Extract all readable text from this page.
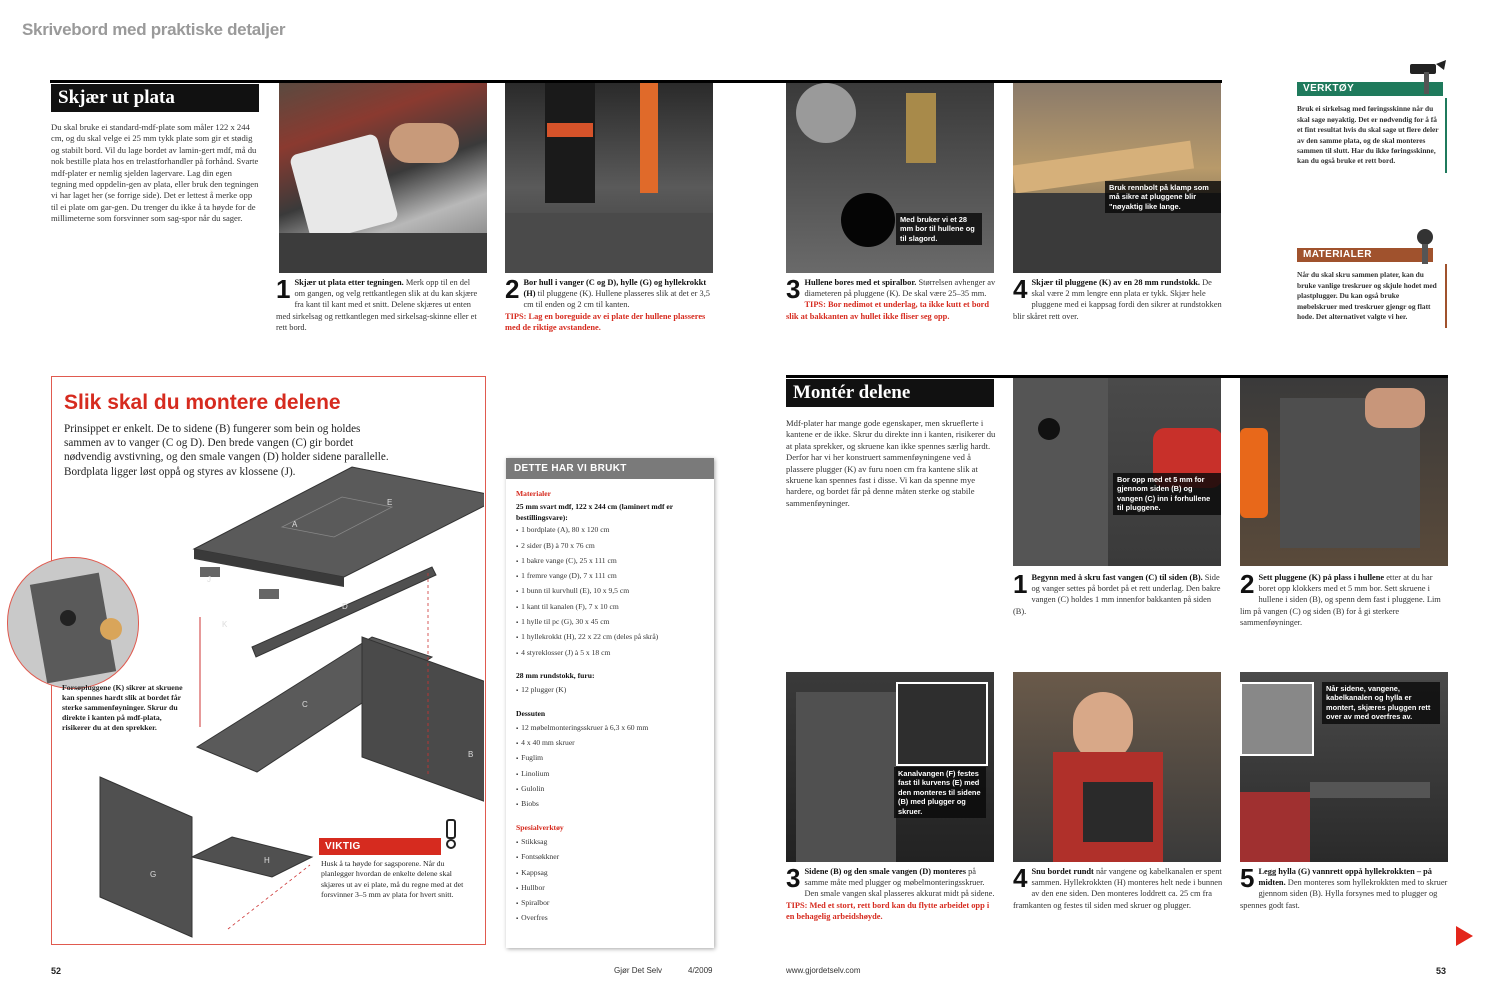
Skrivebord med praktiske detaljer
Skjær ut plata
Du skal bruke ei standard-mdf-plate som måler 122 x 244 cm, og du skal velge ei 25 mm tykk plate som gir et stødig og stabilt bord. Vil du lage bordet av lamin-gert mdf, må du nok bestille plata hos en trelastforhandler på forhånd. Svarte mdf-plater er nemlig sjelden lagervare. Lag din egen tegning med oppdelin-gen av plata, eller bruk den tegningen vi har laget her (se forrige side). Det er lettest å merke opp til ei plate om gar-gen. Du trenger du ikke å ta høyde for de millimeterne som forsvinner som sag-spor når du sager.	Med bruker vi et 28 mm bor til hullene og til slagord.
Bruk rennbolt på klamp som må sikre at pluggene blir "nøyaktig like lange.
1 Skjær ut plata etter tegningen. Merk opp til en del om gangen, og velg rettkantlegen slik at du kan skjære fra kant til kant med et snitt. Delene skjæres ut enten med sirkelsag og rettkantlegen med sirkelsag-skinne eller et rett bord.
2 Bor hull i vanger (C og D), hylle (G) og hyllekrokkt (H) til pluggene (K). Hullene plasseres slik at det er 3,5 cm til enden og 2 cm til kanten.
TIPS: Lag en boreguide av ei plate der hullene plasseres med de riktige avstandene.
3 Hullene bores med et spiralbor. Størrelsen avhenger av diameteren på pluggene (K). De skal være 25–35 mm.
TIPS: Bor nedimot et underlag, ta ikke kutt et bord slik at bakkanten av hullet ikke fliser seg opp.
4 Skjær til pluggene (K) av en 28 mm rundstokk. De skal være 2 mm lengre enn plata er tykk. Skjær hele pluggene med ei kappsag fordi den sikrer at rundstokken blir skåret rett over.
VERKTØY
Bruk ei sirkelsag med føringsskinne når du skal sage nøyaktig. Det er nødvendig for å få et fint resultat hvis du skal sage ut flere deler av den samme plata, og de skal monteres sammen til slutt. Har du ikke føringsskinne, kan du også bruke et rett bord.
MATERIALER
Når du skal skru sammen plater, kan du bruke vanlige treskruer og skjule hodet med plastplugger. Du kan også bruke møbelskruer med treskruer gjengr og flatt hode. Det alternativet valgte vi her.
Montér delene
Mdf-plater har mange gode egenskaper, men skrueflerte i kantene er de ikke. Skrur du direkte inn i kanten, risikerer du at plata sprekker, og skruene kan ikke spennes særlig hardt. Derfor har vi her konstruert sammenføyningene ved å plassere plugger (K) av furu noen cm fra kantene slik at skruene kan spennes fast i disse. Vi kan da spenne mye hardere, og bordet får på denne måten sterke og stabile sammenføyninger.
Bor opp med et 5 mm for gjennom siden (B) og vangen (C) inn i forhullene til pluggene.
1 Begynn med å skru fast vangen (C) til siden (B). Side og vanger settes på bordet på et rett underlag. Den bakre vangen (C) holdes 1 mm innenfor bakkanten på siden (B).
2 Sett pluggene (K) på plass i hullene etter at du har boret opp klokkers med et 5 mm bor. Sett skruene i hullene i siden (B), og spenn dem fast i pluggene. Lim lim på vangen (C) og siden (B) for å gi sterkere sammenføyninger.
Kanalvangen (F) festes fast til kurvens (E) med den monteres til sidene (B) med plugger og skruer.
Når sidene, vangene, kabelkanalen og hylla er montert, skjæres pluggen rett over av med overfres av.
3 Sidene (B) og den smale vangen (D) monteres på samme måte med plugger og møbelmonteringsskruer. Den smale vangen skal plasseres akkurat midt på sidene.
TIPS: Med et stort, rett bord kan du flytte arbeidet opp i en behagelig arbeidshøyde.
4 Snu bordet rundt når vangene og kabelkanalen er spent sammen. Hyllekrokkten (H) monteres helt nede i bunnen av den ene siden. Den monteres loddrett ca. 25 cm fra framkanten og festes til siden med skruer og plugger.
5 Legg hylla (G) vannrett oppå hyllekrokkten – på midten. Den monteres som hyllekrokkten med to skruer gjennom siden (B). Hylla forsynes med to plugger og spennes godt fast.
Slik skal du montere delene
Prinsippet er enkelt. De to sidene (B) fungerer som bein og holdes sammen av to vanger (C og D). Den brede vangen (C) gir bordet nødvendig avstivning, og den smale vangen (D) holder sidene parallelle. Bordplata ligger løst oppå og styres av klossene (J).
A
B
C
D
E
G
H
J
K
Forsøpluggene (K) sikrer at skruene kan spennes hardt slik at bordet får sterke sammenføyninger. Skrur du direkte i kanten på mdf-plata, risikerer du at den sprekker.
VIKTIG
Husk å ta høyde for sagsporene. Når du planlegger hvordan de enkelte delene skal skjæres ut av ei plate, må du regne med at det forsvinner 3–5 mm av plata for hvert snitt.
DETTE HAR VI BRUKT
Materialer
25 mm svart mdf, 122 x 244 cm (laminert mdf er bestillingsvare):
▪ 1 bordplate (A), 80 x 120 cm
▪ 2 sider (B) à 70 x 76 cm
▪ 1 bakre vange (C), 25 x 111 cm
▪ 1 fremre vange (D), 7 x 111 cm
▪ 1 bunn til kurvhull (E), 10 x 9,5 cm
▪ 1 kant til kanalen (F), 7 x 10 cm
▪ 1 hylle til pc (G), 30 x 45 cm
▪ 1 hyllekrokkt (H), 22 x 22 cm (deles på skrå)
▪ 4 styreklosser (J) à 5 x 18 cm
28 mm rundstokk, furu:
▪ 12 plugger (K)
Dessuten
▪ 12 møbelmonteringsskruer à 6,3 x 60 mm
▪ 4 x 40 mm skruer
▪ Fuglim
▪ Linolium
▪ Gulolin
▪ Biobs
Spesialverktøy
▪ Stikksag
▪ Fontsøkkner
▪ Kappsag
▪ Hullbor
▪ Spiralbor
▪ Overfres
52	Gjør Det Selv	4/2009	www.gjordetselv.com	53
